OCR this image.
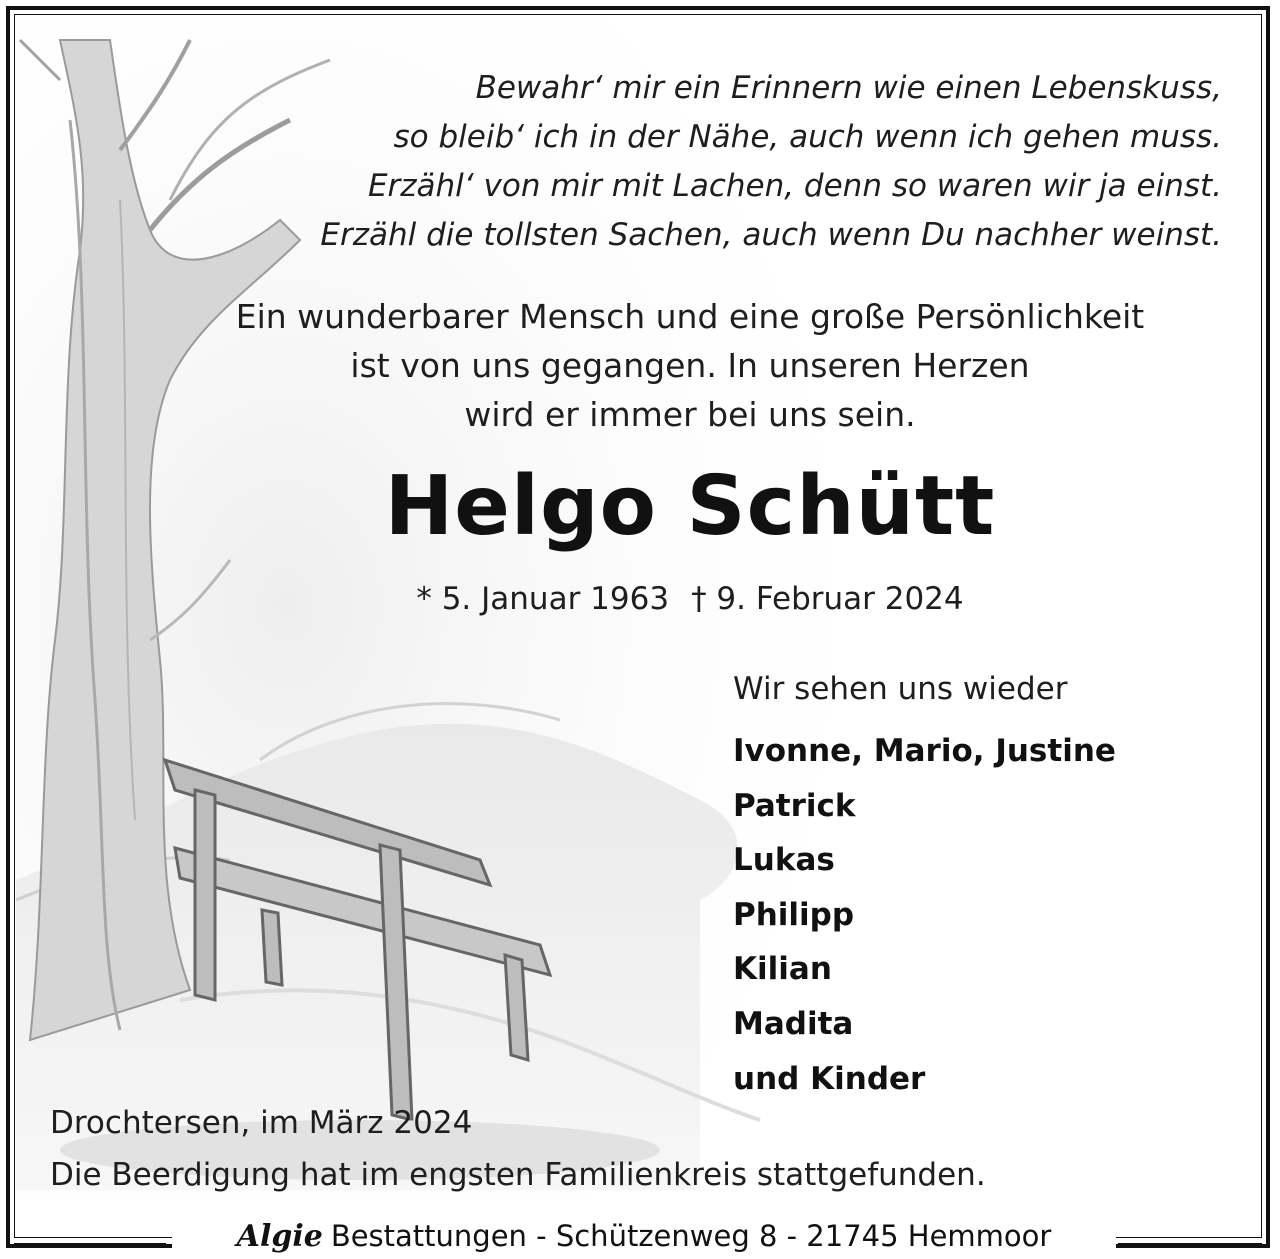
Bewahr‘ mir ein Erinnern wie einen Lebenskuss,
so bleib‘ ich in der Nähe, auch wenn ich gehen muss.
Erzähl‘ von mir mit Lachen, denn so waren wir ja einst.
Erzähl die tollsten Sachen, auch wenn Du nachher weinst.
Ein wunderbarer Mensch und eine große Persönlichkeit
ist von uns gegangen. In unseren Herzen
wird er immer bei uns sein.
Helgo Schütt
* 5. Januar 1963 † 9. Februar 2024
Wir sehen uns wieder
Ivonne, Mario, Justine
Patrick
Lukas
Philipp
Kilian
Madita
und Kinder
Drochtersen, im März 2024
Die Beerdigung hat im engsten Familienkreis stattgefunden.
Algie Bestattungen - Schützenweg 8 - 21745 Hemmoor
